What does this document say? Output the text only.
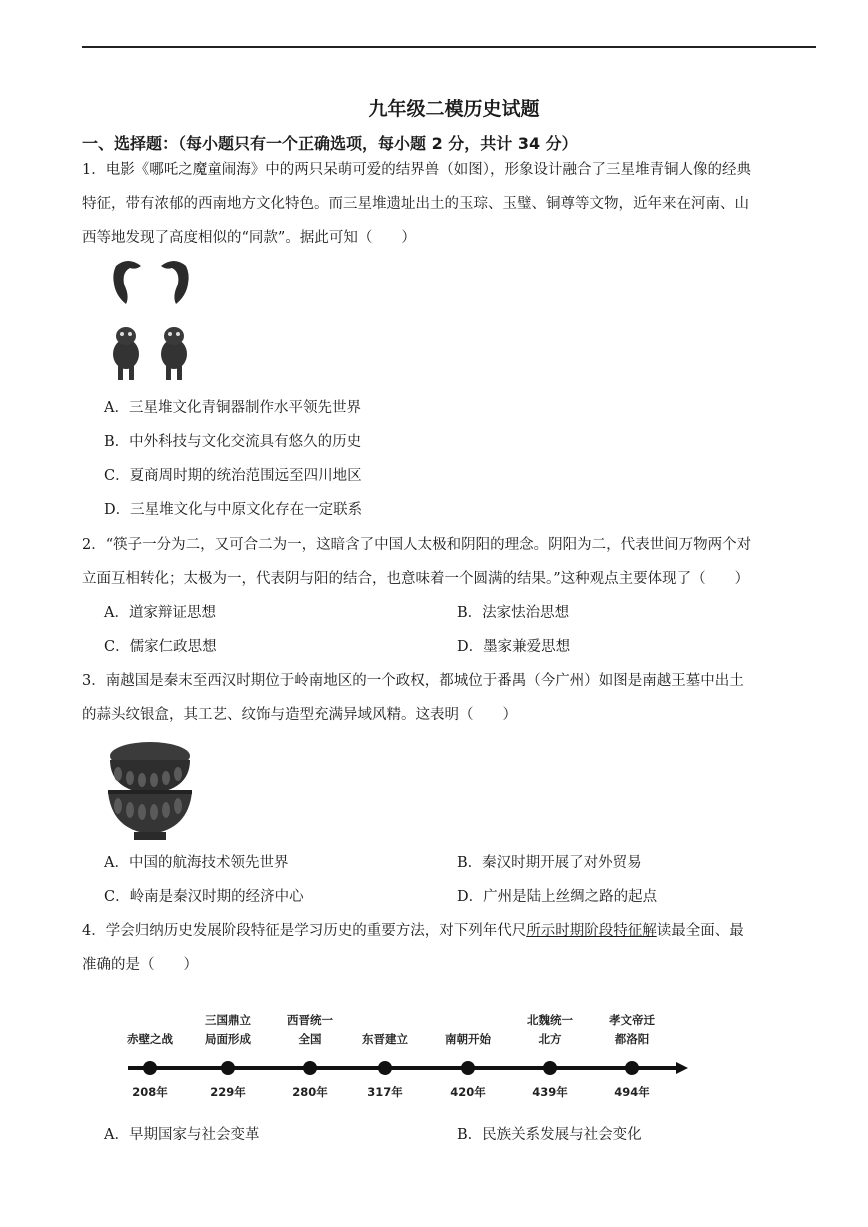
九年级二模历史试题
一、选择题：（每小题只有一个正确选项，每小题 2 分，共计 34 分）
1．电影《哪吒之魔童闹海》中的两只呆萌可爱的结界兽（如图），形象设计融合了三星堆青铜人像的经典
特征，带有浓郁的西南地方文化特色。而三星堆遗址出土的玉琮、玉璧、铜尊等文物，近年来在河南、山
西等地发现了高度相似的“同款”。据此可知（　　）
A．三星堆文化青铜器制作水平领先世界
B．中外科技与文化交流具有悠久的历史
C．夏商周时期的统治范围远至四川地区
D．三星堆文化与中原文化存在一定联系
2．“筷子一分为二，又可合二为一，这暗含了中国人太极和阴阳的理念。阴阳为二，代表世间万物两个对
立面互相转化；太极为一，代表阴与阳的结合，也意味着一个圆满的结果。”这种观点主要体现了（　　）
A．道家辩证思想	B．法家怯治思想
C．儒家仁政思想	D．墨家兼爱思想
3．南越国是秦末至西汉时期位于岭南地区的一个政权，都城位于番禺（今广州）如图是南越王墓中出土
的蒜头纹银盒，其工艺、纹饰与造型充满异域风精。这表明（　　）
A．中国的航海技术领先世界	B．秦汉时期开展了对外贸易
C．岭南是秦汉时期的经济中心	D．广州是陆上丝绸之路的起点
4．学会归纳历史发展阶段特征是学习历史的重要方法，对下列年代尺所示时期阶段特征解读最全面、最
准确的是（　　）
赤壁之战
208年
三国鼎立
局面形成
229年
西晋统一
全国
280年
东晋建立
317年
南朝开始
420年
北魏统一
北方
439年
孝文帝迁
都洛阳
494年
A．早期国家与社会变革	B．民族关系发展与社会变化
